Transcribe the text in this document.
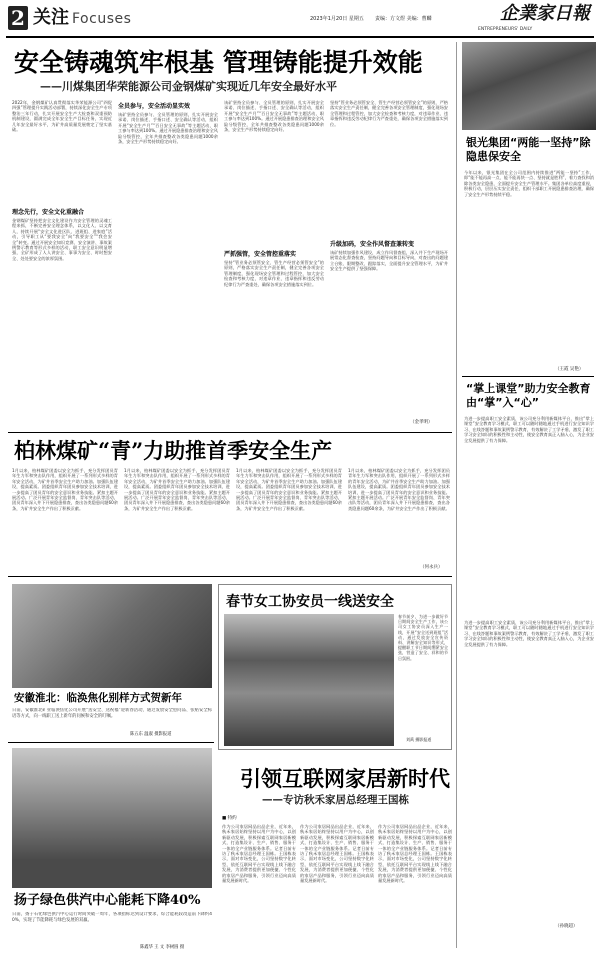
2 关注 Focuses	2023年1月20日 星期五 责编：方文煜 美编：曹麟	企業家日報
ENTREPRENEURS' DAILY
安全铸魂筑牢根基 管理铸能提升效能
——川煤集团华荣能源公司金钢煤矿实现近几年安全最好水平
2022年，金钢煤矿认真贯彻落实华荣能源公司“四促四强”管理提升实践活动部署，持续深化安全生产专项整治三年行动，扎实开展安全生产大检查和双重预防机制建设，圆满完成全年安全生产目标任务，实现近几年安全最好水平，为矿井高质量发展奠定了坚实基础。
理念先行，安全文化重融合
金钢煤矿坚持把安全文化建设作为安全管理的灵魂工程来抓，不断完善安全理念体系，以文化人、以文育人，持续开展“安全文化进区队、进班组、进家庭”活动，引导职工从“要我安全”向“我要安全”“我会安全”转变。通过开展安全知识竞赛、安全演讲、事故案例警示教育等形式多样的活动，职工安全意识明显增强，全矿形成了人人讲安全、事事为安全、时时想安全、处处要安全的浓厚氛围。
全员参与，安全活动显实效
该矿坚持全员参与、全员管理的原则，扎实开展安全承诺、岗位描述、手指口述、安全确认等活动，组织开展“安全生产月”“百日安全无事故”等主题活动，职工参与率达到100%。通过开展隐患排查治理和安全风险分级管控，全年共排查整改各类隐患问题1000余条，安全生产形势持续稳定向好。
该矿坚持全员参与、全员管理的原则，扎实开展安全承诺、岗位描述、手指口述、安全确认等活动，组织开展“安全生产月”“百日安全无事故”等主题活动，职工参与率达到100%。通过开展隐患排查治理和安全风险分级管控，全年共排查整改各类隐患问题1000余条，安全生产形势持续稳定向好。
严抓强管，安全管控重落实
坚持“管业务必须管安全、管生产经营必须管安全”的原则，严格落实安全生产责任制，健全完善各项安全管理制度，强化现场安全管理和过程管控，加大安全检查和考核力度，对违章作业、违章指挥和违反劳动纪律行为严查重处，确保各项安全措施落实到位。
坚持“管业务必须管安全、管生产经营必须管安全”的原则，严格落实安全生产责任制，健全完善各项安全管理制度，强化现场安全管理和过程管控，加大安全检查和考核力度，对违章作业、违章指挥和违反劳动纪律行为严查重处，确保各项安全措施落实到位。
升级加码，安全作风督查兼转变
该矿持续加强作风建设，成立作风督查组，深入井下生产现场开展常态化督查检查，坚持问题导向和目标导向，对查出的问题建立台账、限期整改、跟踪落实，全面提升安全管理水平，为矿井安全生产提供了坚强保障。
（金孝明）
银光集团“两能一坚持”除隐患保安全
今年以来，银光集团在全公司范围内持续推进“两能一坚持”工作，即“能不能再高一点、能不能再快一点、坚持就是胜利”，着力查找和消除各类安全隐患，全面提升安全生产管理水平。集团各单位高度重视，积极行动，层层压实安全责任，组织干部职工开展隐患排查治理，确保了安全生产形势持续平稳。
（王霞 吴艳）
“掌上课堂”助力安全教育由“掌”入“心”
为进一步提高职工安全素质，该公司充分利用新媒体平台，推出“掌上课堂”安全教育学习模式，职工可以随时随地通过手机进行安全知识学习、在线答题和事故案例警示教育，有效解决了工学矛盾，激发了职工学习安全知识的积极性和主动性，使安全教育真正入脑入心，为企业安全发展提供了有力保障。
为进一步提高职工安全素质，该公司充分利用新媒体平台，推出“掌上课堂”安全教育学习模式，职工可以随时随地通过手机进行安全知识学习、在线答题和事故案例警示教育，有效解决了工学矛盾，激发了职工学习安全知识的积极性和主动性，使安全教育真正入脑入心，为企业安全发展提供了有力保障。
（孙晓超）
柏林煤矿“青”力助推首季安全生产
1月以来，柏林煤矿团委以安全为抓手，充分发挥团员青年生力军和突击队作用，组织开展了一系列形式多样的青年安全活动，为矿井首季安全生产助力加油。加强队伍建设，提高素质。团委组织青年团员参加安全技术培训，进一步提高了团员青年的安全意识和业务技能。紧扣主题开展活动。广泛开展青年安全监督岗、青年突击队等活动，团员青年深入井下开展隐患排查，查出各类隐患问题60余条，为矿井安全生产作出了积极贡献。
1月以来，柏林煤矿团委以安全为抓手，充分发挥团员青年生力军和突击队作用，组织开展了一系列形式多样的青年安全活动，为矿井首季安全生产助力加油。加强队伍建设，提高素质。团委组织青年团员参加安全技术培训，进一步提高了团员青年的安全意识和业务技能。紧扣主题开展活动。广泛开展青年安全监督岗、青年突击队等活动，团员青年深入井下开展隐患排查，查出各类隐患问题60余条，为矿井安全生产作出了积极贡献。
1月以来，柏林煤矿团委以安全为抓手，充分发挥团员青年生力军和突击队作用，组织开展了一系列形式多样的青年安全活动，为矿井首季安全生产助力加油。加强队伍建设，提高素质。团委组织青年团员参加安全技术培训，进一步提高了团员青年的安全意识和业务技能。紧扣主题开展活动。广泛开展青年安全监督岗、青年突击队等活动，团员青年深入井下开展隐患排查，查出各类隐患问题60余条，为矿井安全生产作出了积极贡献。
1月以来，柏林煤矿团委以安全为抓手，充分发挥团员青年生力军和突击队作用，组织开展了一系列形式多样的青年安全活动，为矿井首季安全生产助力加油。加强队伍建设，提高素质。团委组织青年团员参加安全技术培训，进一步提高了团员青年的安全意识和业务技能。紧扣主题开展活动。广泛开展青年安全监督岗、青年突击队等活动，团员青年深入井下开展隐患排查，查出各类隐患问题60余条，为矿井安全生产作出了积极贡献。
（何永兵）
春节女工协安员一线送安全
春节前夕，为进一步做好节日期间安全生产工作，该公司女工协安员深入生产一线，开展“安全送到班组”活动，通过发放安全宣传资料、讲解安全知识等形式，提醒职工节日期间绷紧安全弦，营造了安全、祥和的节日氛围。
刘禹 摄影报道
安徽淮北：临涣焦化别样方式贺新年
日前，安徽淮北矿业临涣焦化公司开展“送安全、送祝福”迎新春活动，通过发放安全慰问品、张贴安全标语等方式，向一线职工送上新年的问候和安全的叮嘱。
陈五东 温淑 摄影报道
扬子绿色供汽中心能耗下降40%
日前，扬子石化绿色供汽中心运行时间突破一周年，各项指标达到设计要求，综合能耗较改造前下降约40%，实现了节能降耗与绿色发展的双赢。
陈鑫华 王 文 李树圆 摄
引领互联网家居新时代
——专访秋禾家居总经理王国栋
■ 特约
作为公司家居网品出品企业，近年来，秋禾家居始终坚持以用户为中心，以创新驱动发展，积极探索互联网家居新模式，打造集设计、生产、销售、服务于一体的全产业链服务体系。记者日前专访了秋禾家居总经理王国栋。王国栋表示，面对市场变化，公司坚持数字化转型，依托互联网平台实现线上线下融合发展，为消费者提供更加便捷、个性化的家居产品和服务，引领行业迈向高质量发展新时代。
作为公司家居网品出品企业，近年来，秋禾家居始终坚持以用户为中心，以创新驱动发展，积极探索互联网家居新模式，打造集设计、生产、销售、服务于一体的全产业链服务体系。记者日前专访了秋禾家居总经理王国栋。王国栋表示，面对市场变化，公司坚持数字化转型，依托互联网平台实现线上线下融合发展，为消费者提供更加便捷、个性化的家居产品和服务，引领行业迈向高质量发展新时代。
作为公司家居网品出品企业，近年来，秋禾家居始终坚持以用户为中心，以创新驱动发展，积极探索互联网家居新模式，打造集设计、生产、销售、服务于一体的全产业链服务体系。记者日前专访了秋禾家居总经理王国栋。王国栋表示，面对市场变化，公司坚持数字化转型，依托互联网平台实现线上线下融合发展，为消费者提供更加便捷、个性化的家居产品和服务，引领行业迈向高质量发展新时代。
